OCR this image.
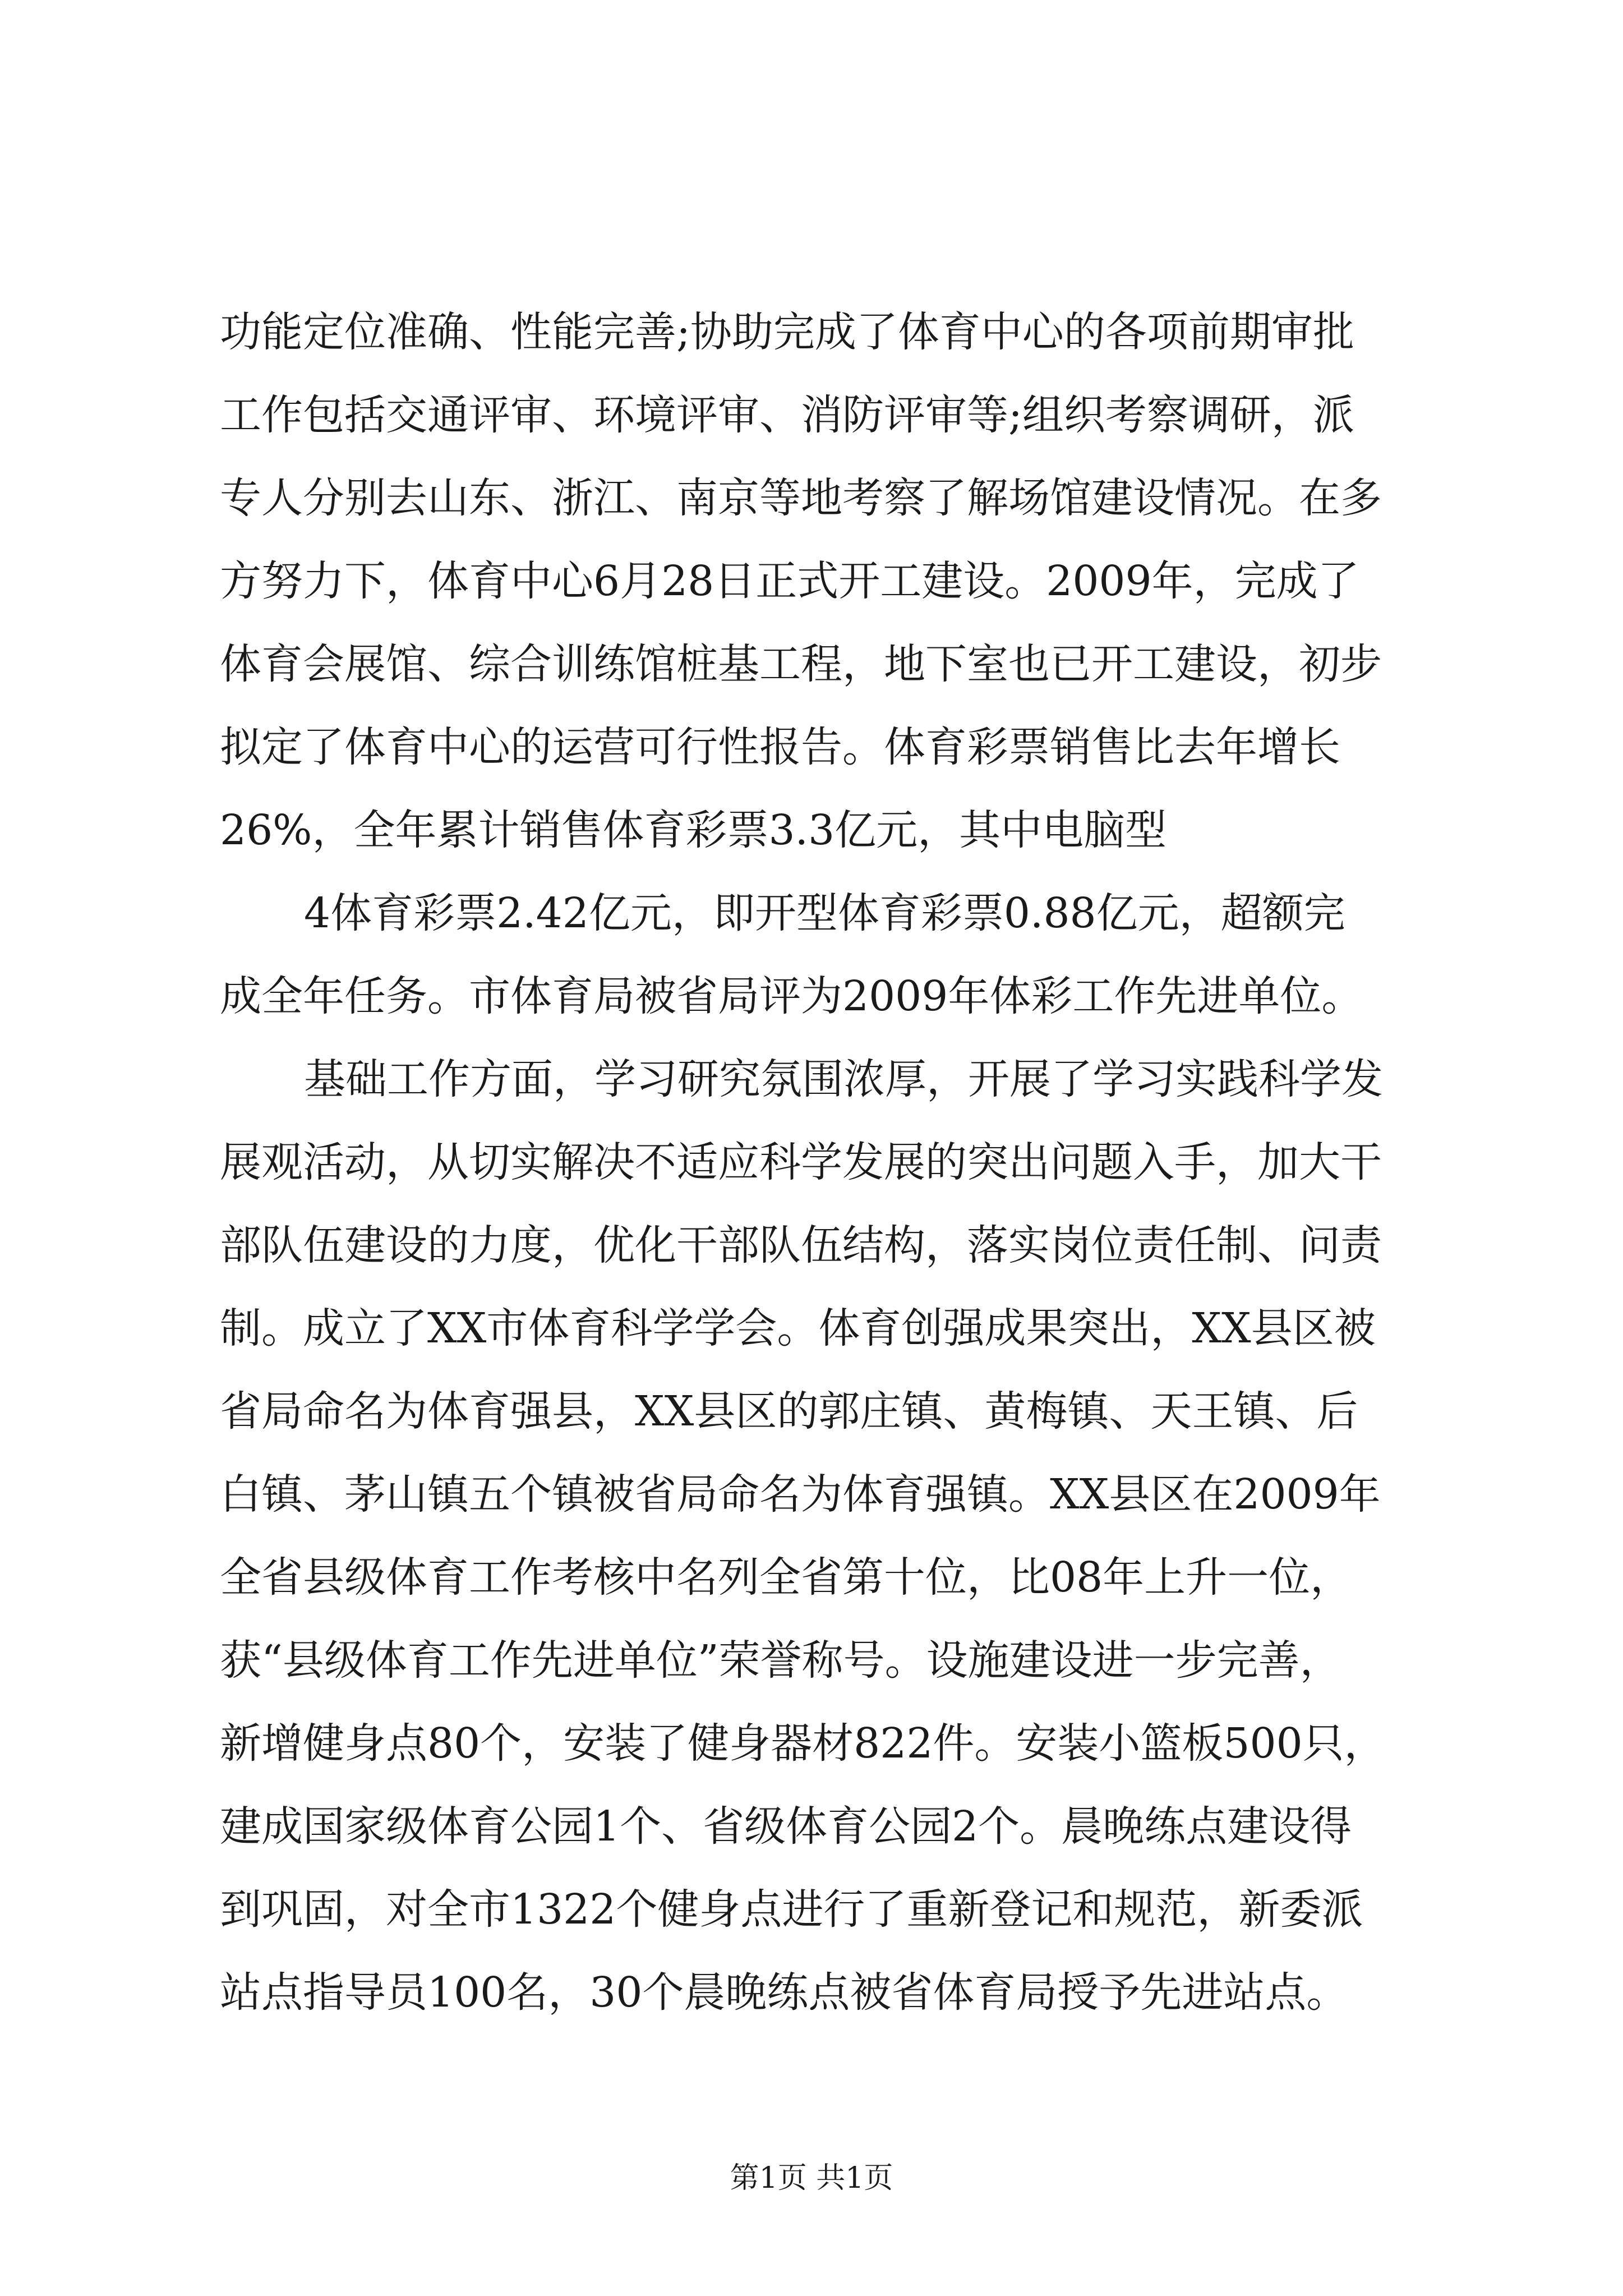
功能定位准确、性能完善;协助完成了体育中心的各项前期审批
工作包括交通评审、环境评审、消防评审等;组织考察调研，派
专人分别去山东、浙江、南京等地考察了解场馆建设情况。在多
方努力下，体育中心6月28日正式开工建设。2009年，完成了
体育会展馆、综合训练馆桩基工程，地下室也已开工建设，初步
拟定了体育中心的运营可行性报告。体育彩票销售比去年增长
26%，全年累计销售体育彩票3.3亿元，其中电脑型
4体育彩票2.42亿元，即开型体育彩票0.88亿元，超额完
成全年任务。市体育局被省局评为2009年体彩工作先进单位。
基础工作方面，学习研究氛围浓厚，开展了学习实践科学发
展观活动，从切实解决不适应科学发展的突出问题入手，加大干
部队伍建设的力度，优化干部队伍结构，落实岗位责任制、问责
制。成立了XX市体育科学学会。体育创强成果突出，XX县区被
省局命名为体育强县，XX县区的郭庄镇、黄梅镇、天王镇、后
白镇、茅山镇五个镇被省局命名为体育强镇。XX县区在2009年
全省县级体育工作考核中名列全省第十位，比08年上升一位，
获“县级体育工作先进单位”荣誉称号。设施建设进一步完善，
新增健身点80个，安装了健身器材822件。安装小篮板500只，
建成国家级体育公园1个、省级体育公园2个。晨晚练点建设得
到巩固，对全市1322个健身点进行了重新登记和规范，新委派
站点指导员100名，30个晨晚练点被省体育局授予先进站点。
第1页 共1页
